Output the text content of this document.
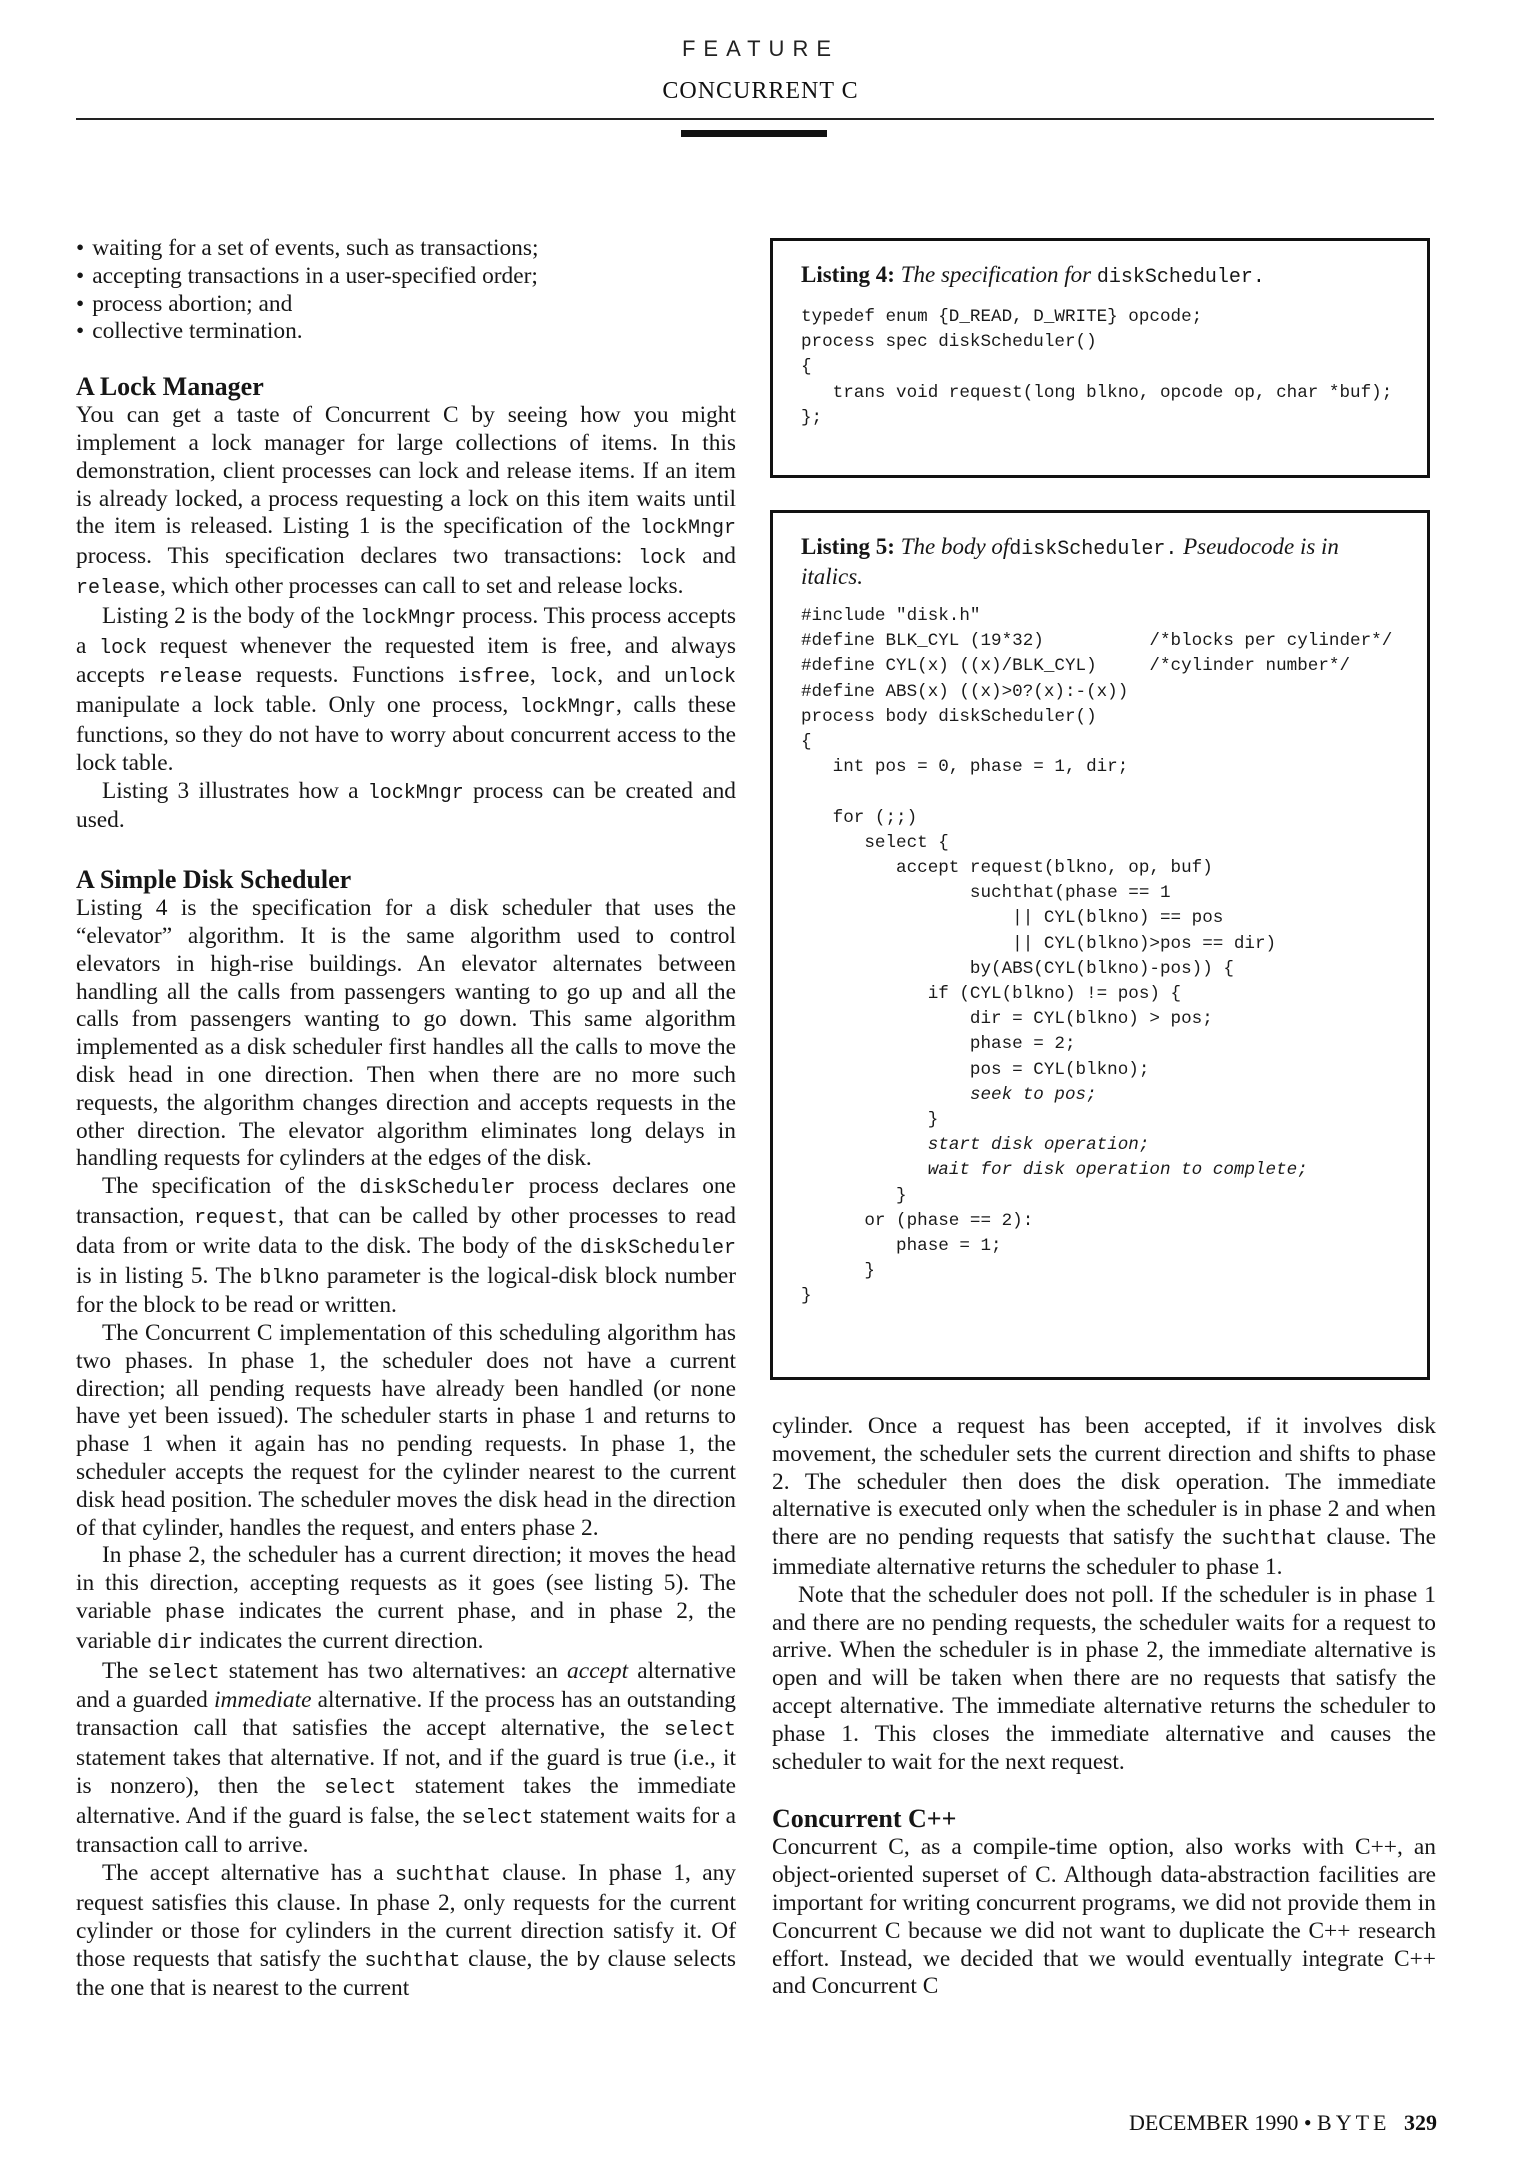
FEATURE
CONCURRENT C
• waiting for a set of events, such as transactions;
• accepting transactions in a user-specified order;
• process abortion; and
• collective termination.
A Lock Manager

You can get a taste of Concurrent C by seeing how you might implement a lock manager for large collections of items. In this demonstration, client processes can lock and release items. If an item is already locked, a process requesting a lock on this item waits until the item is released. Listing 1 is the specification of the lockMngr process. This specification declares two transactions: lock and release, which other processes can call to set and release locks.

Listing 2 is the body of the lockMngr process. This process accepts a lock request whenever the requested item is free, and always accepts release requests. Functions isfree, lock, and unlock manipulate a lock table. Only one process, lockMngr, calls these functions, so they do not have to worry about concurrent access to the lock table.

Listing 3 illustrates how a lockMngr process can be created and used.

A Simple Disk Scheduler

Listing 4 is the specification for a disk scheduler that uses the “elevator” algorithm. It is the same algorithm used to control elevators in high-rise buildings. An elevator alternates between handling all the calls from passengers wanting to go up and all the calls from passengers wanting to go down. This same algorithm implemented as a disk scheduler first handles all the calls to move the disk head in one direction. Then when there are no more such requests, the algorithm changes direction and accepts requests in the other direction. The elevator algorithm eliminates long delays in handling requests for cylinders at the edges of the disk.

The specification of the diskScheduler process declares one transaction, request, that can be called by other processes to read data from or write data to the disk. The body of the diskScheduler is in listing 5. The blkno parameter is the logical-disk block number for the block to be read or written.

The Concurrent C implementation of this scheduling algorithm has two phases. In phase 1, the scheduler does not have a current direction; all pending requests have already been handled (or none have yet been issued). The scheduler starts in phase 1 and returns to phase 1 when it again has no pending requests. In phase 1, the scheduler accepts the request for the cylinder nearest to the current disk head position. The scheduler moves the disk head in the direction of that cylinder, handles the request, and enters phase 2.

In phase 2, the scheduler has a current direction; it moves the head in this direction, accepting requests as it goes (see listing 5). The variable phase indicates the current phase, and in phase 2, the variable dir indicates the current direction.

The select statement has two alternatives: an accept alternative and a guarded immediate alternative. If the process has an outstanding transaction call that satisfies the accept alternative, the select statement takes that alternative. If not, and if the guard is true (i.e., it is nonzero), then the select statement takes the immediate alternative. And if the guard is false, the select statement waits for a transaction call to arrive.

The accept alternative has a suchthat clause. In phase 1, any request satisfies this clause. In phase 2, only requests for the current cylinder or those for cylinders in the current direction satisfy it. Of those requests that satisfy the suchthat clause, the by clause selects the one that is nearest to the current

Listing 4: The specification for diskScheduler.
typedef enum {D_READ, D_WRITE} opcode;
process spec diskScheduler()
{
trans void request(long blkno, opcode op, char *buf);
};
Listing 5: The body ofdiskScheduler. Pseudocode is in italics.
#include "disk.h"
#define BLK_CYL (19*32)          /*blocks per cylinder*/
#define CYL(x) ((x)/BLK_CYL)     /*cylinder number*/
#define ABS(x) ((x)>0?(x):-(x))
process body diskScheduler()
{
int pos = 0, phase = 1, dir;

for (;;)
select {
accept request(blkno, op, buf)
suchthat(phase == 1
|| CYL(blkno) == pos
|| CYL(blkno)>pos == dir)
by(ABS(CYL(blkno)-pos)) {
if (CYL(blkno) != pos) {
dir = CYL(blkno) > pos;
phase = 2;
pos = CYL(blkno);
seek to pos;
}
start disk operation;
wait for disk operation to complete;
}
or (phase == 2):
phase = 1;
}
}

cylinder. Once a request has been accepted, if it involves disk movement, the scheduler sets the current direction and shifts to phase 2. The scheduler then does the disk operation. The immediate alternative is executed only when the scheduler is in phase 2 and when there are no pending requests that satisfy the suchthat clause. The immediate alternative returns the scheduler to phase 1.

Note that the scheduler does not poll. If the scheduler is in phase 1 and there are no pending requests, the scheduler waits for a request to arrive. When the scheduler is in phase 2, the immediate alternative is open and will be taken when there are no requests that satisfy the accept alternative. The immediate alternative returns the scheduler to phase 1. This closes the immediate alternative and causes the scheduler to wait for the next request.

Concurrent C++

Concurrent C, as a compile-time option, also works with C++, an object-oriented superset of C. Although data-abstraction facilities are important for writing concurrent programs, we did not provide them in Concurrent C because we did not want to duplicate the C++ research effort. Instead, we decided that we would eventually integrate C++ and Concurrent C

DECEMBER 1990 • BYTE 329
